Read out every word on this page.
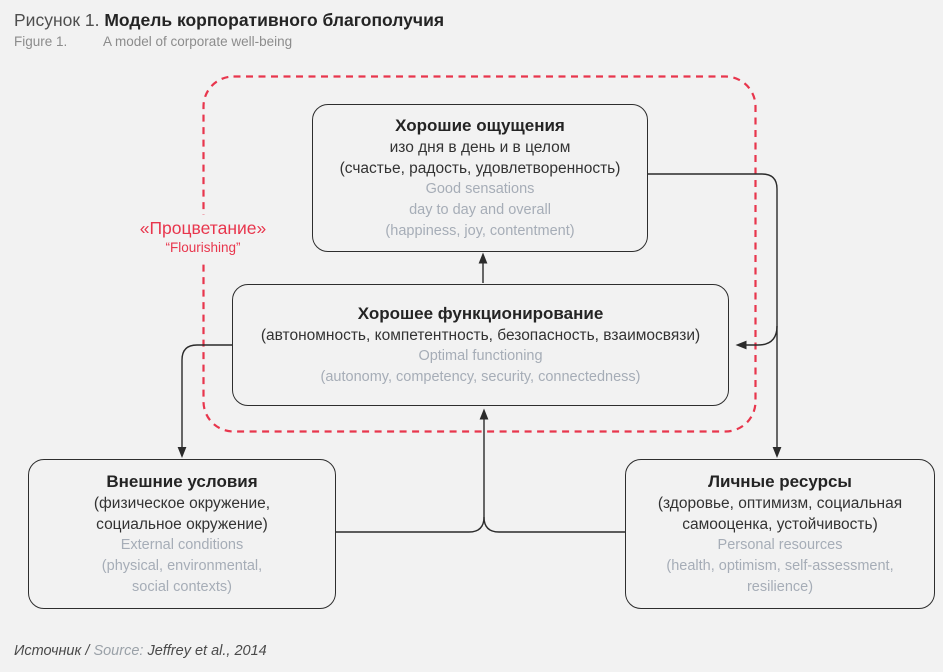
Рисунок 1. Модель корпоративного благополучия
Figure 1.	A model of corporate well-being
«Процветание»
“Flourishing”
Хорошие ощущения
изо дня в день и в целом
(счастье, радость, удовлетворенность)
Good sensations
day to day and overall
(happiness, joy, contentment)
Хорошее функционирование
(автономность, компетентность, безопасность, взаимосвязи)
Optimal functioning
(autonomy, competency, security, connectedness)
Внешние условия
(физическое окружение,
социальное окружение)
External conditions
(physical, environmental,
social contexts)
Личные ресурсы
(здоровье, оптимизм, социальная
самооценка, устойчивость)
Personal resources
(health, optimism, self-assessment,
resilience)
Источник / Source: Jeffrey et al., 2014
